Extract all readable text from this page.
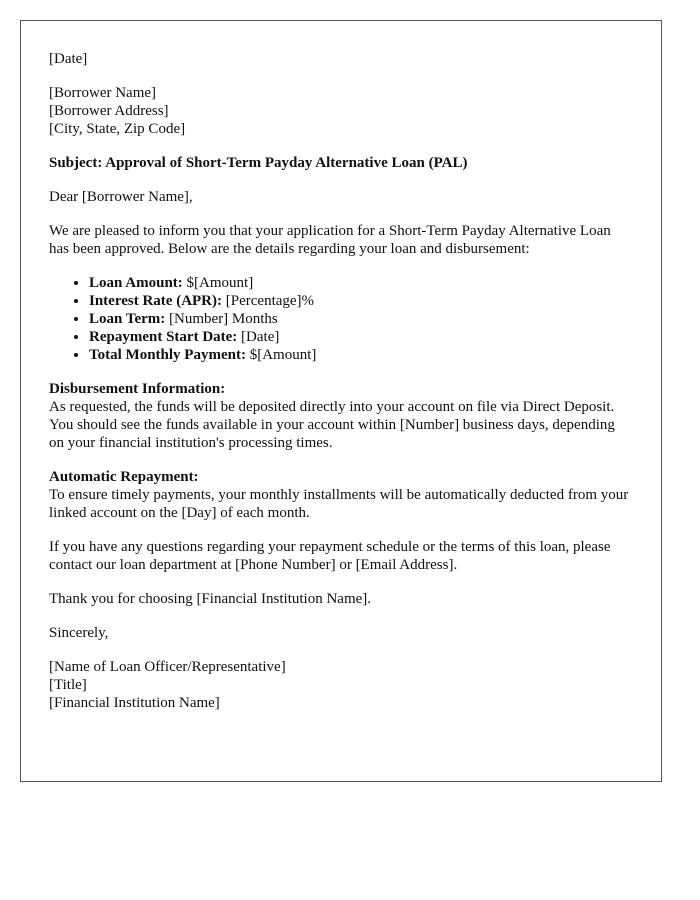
[Date]
[Borrower Name]
[Borrower Address]
[City, State, Zip Code]
Subject: Approval of Short-Term Payday Alternative Loan (PAL)
Dear [Borrower Name],
We are pleased to inform you that your application for a Short-Term Payday Alternative Loan has been approved. Below are the details regarding your loan and disbursement:
• Loan Amount: $[Amount]
• Interest Rate (APR): [Percentage]%
• Loan Term: [Number] Months
• Repayment Start Date: [Date]
• Total Monthly Payment: $[Amount]
Disbursement Information:
As requested, the funds will be deposited directly into your account on file via Direct Deposit. You should see the funds available in your account within [Number] business days, depending on your financial institution's processing times.
Automatic Repayment:
To ensure timely payments, your monthly installments will be automatically deducted from your linked account on the [Day] of each month.
If you have any questions regarding your repayment schedule or the terms of this loan, please contact our loan department at [Phone Number] or [Email Address].
Thank you for choosing [Financial Institution Name].
Sincerely,
[Name of Loan Officer/Representative]
[Title]
[Financial Institution Name]
